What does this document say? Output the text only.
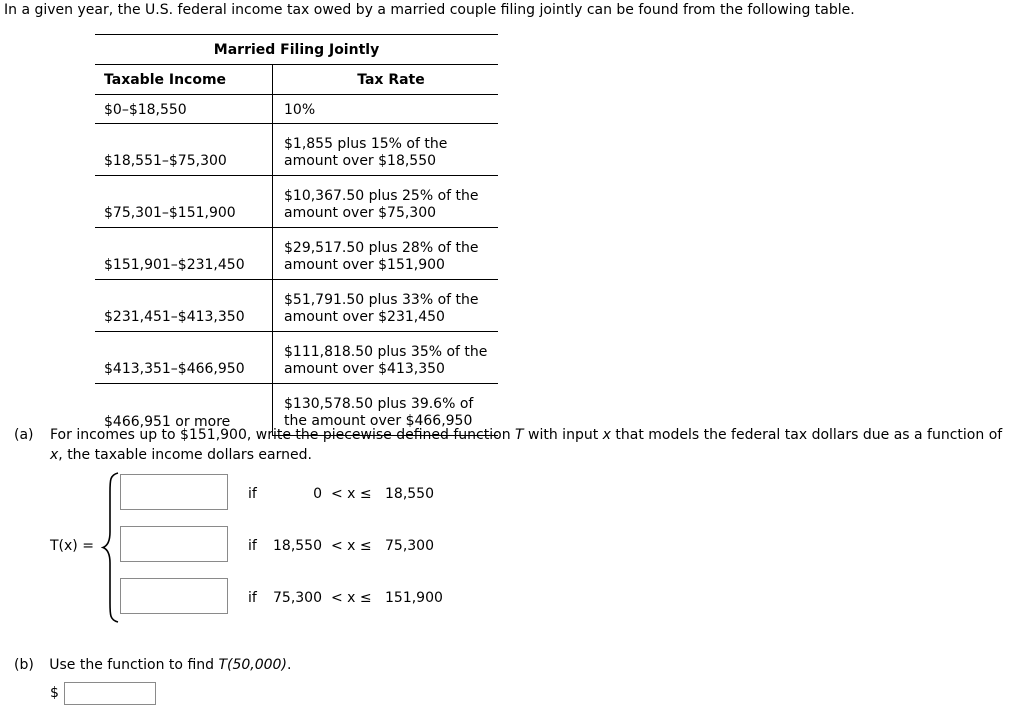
In a given year, the U.S. federal income tax owed by a married couple filing jointly can be found from the following table.
Married Filing Jointly	
Taxable Income	Tax Rate
$0–$18,550	10%
$18,551–$75,300	$1,855 plus 15% of the
amount over $18,550
$75,301–$151,900	$10,367.50 plus 25% of the
amount over $75,300
$151,901–$231,450	$29,517.50 plus 28% of the
amount over $151,900
$231,451–$413,350	$51,791.50 plus 33% of the
amount over $231,450
$413,351–$466,950	$111,818.50 plus 35% of the
amount over $413,350
$466,951 or more	$130,578.50 plus 39.6% of
the amount over $466,950
(a) For incomes up to $151,900, write the piecewise defined function T with input x that models the federal tax dollars due as a function of x, the taxable income dollars earned.
T(x) =
if	0 < x ≤ 18,550
if	18,550 < x ≤ 75,300
if	75,300 < x ≤ 151,900
(b) Use the function to find T(50,000).
$
